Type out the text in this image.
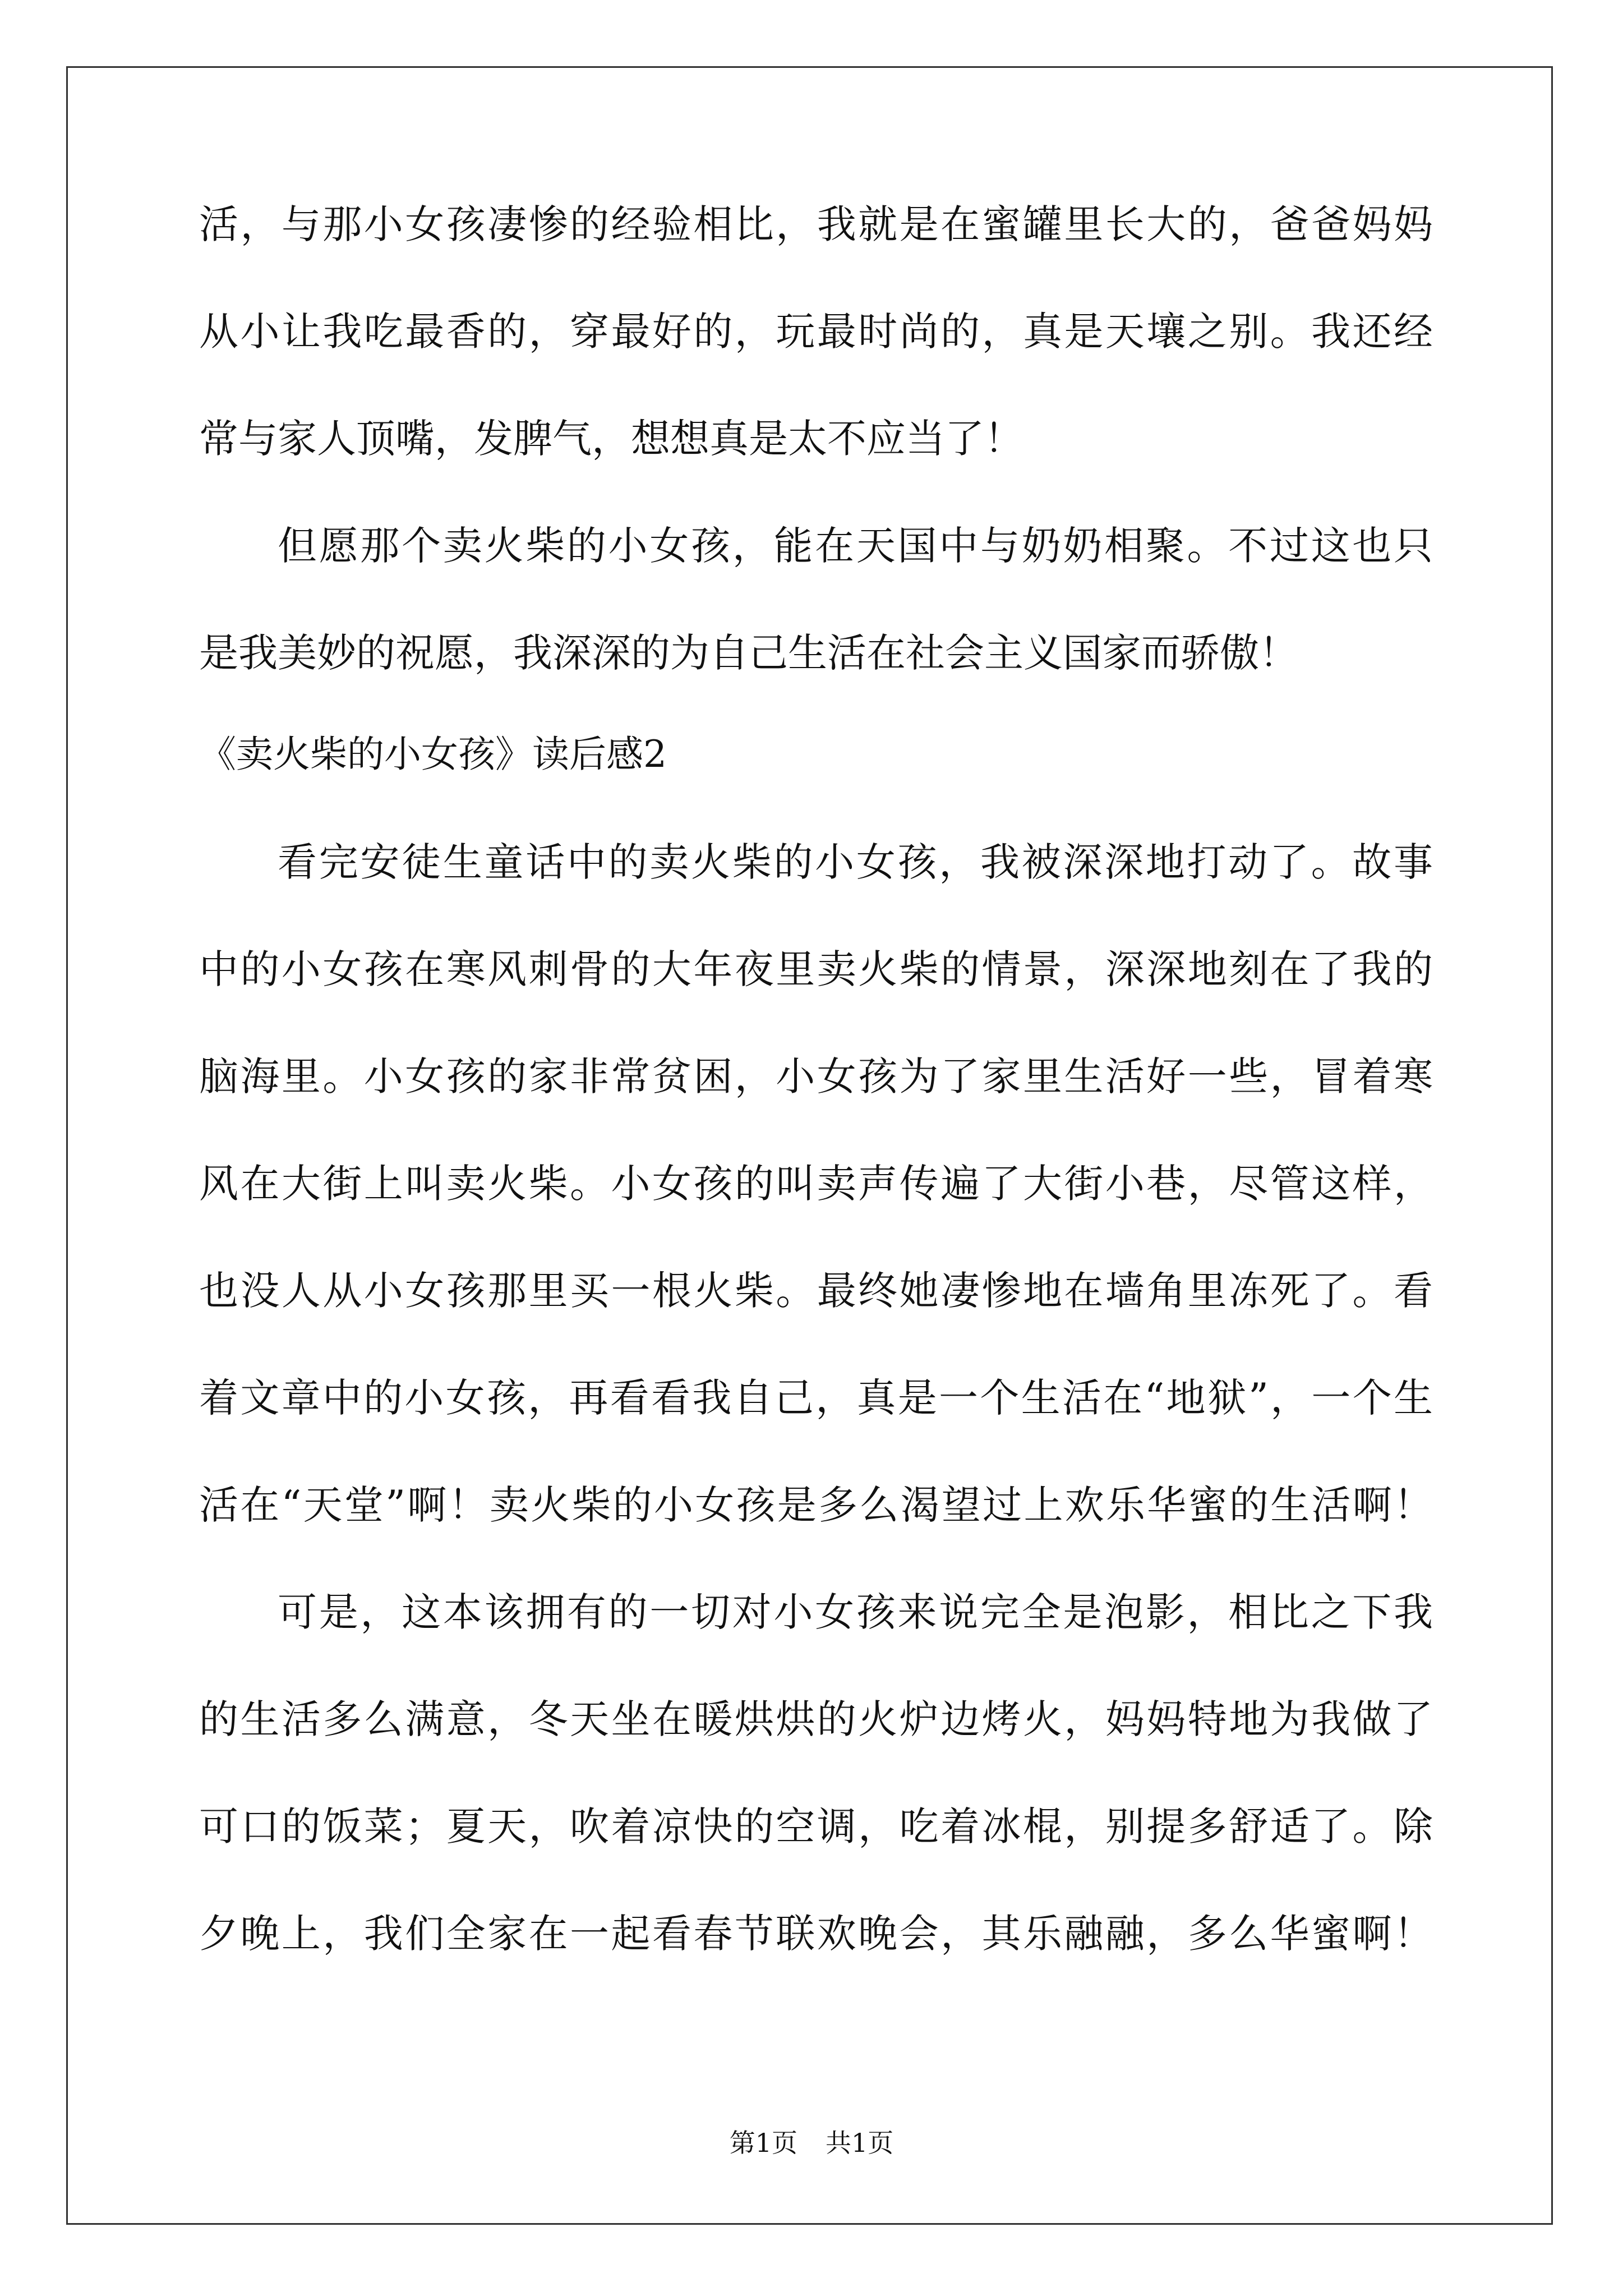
活，与那小女孩凄惨的经验相比，我就是在蜜罐里长大的，爸爸妈妈
从小让我吃最香的，穿最好的，玩最时尚的，真是天壤之别。我还经
常与家人顶嘴，发脾气，想想真是太不应当了！
但愿那个卖火柴的小女孩，能在天国中与奶奶相聚。不过这也只
是我美妙的祝愿，我深深的为自己生活在社会主义国家而骄傲！
《卖火柴的小女孩》读后感2
看完安徒生童话中的卖火柴的小女孩，我被深深地打动了。故事
中的小女孩在寒风刺骨的大年夜里卖火柴的情景，深深地刻在了我的
脑海里。小女孩的家非常贫困，小女孩为了家里生活好一些，冒着寒
风在大街上叫卖火柴。小女孩的叫卖声传遍了大街小巷，尽管这样，
也没人从小女孩那里买一根火柴。最终她凄惨地在墙角里冻死了。看
着文章中的小女孩，再看看我自己，真是一个生活在“地狱”，一个生
活在“天堂”啊！卖火柴的小女孩是多么渴望过上欢乐华蜜的生活啊！
可是，这本该拥有的一切对小女孩来说完全是泡影，相比之下我
的生活多么满意，冬天坐在暖烘烘的火炉边烤火，妈妈特地为我做了
可口的饭菜；夏天，吹着凉快的空调，吃着冰棍，别提多舒适了。除
夕晚上，我们全家在一起看春节联欢晚会，其乐融融，多么华蜜啊！
第1页 共1页
